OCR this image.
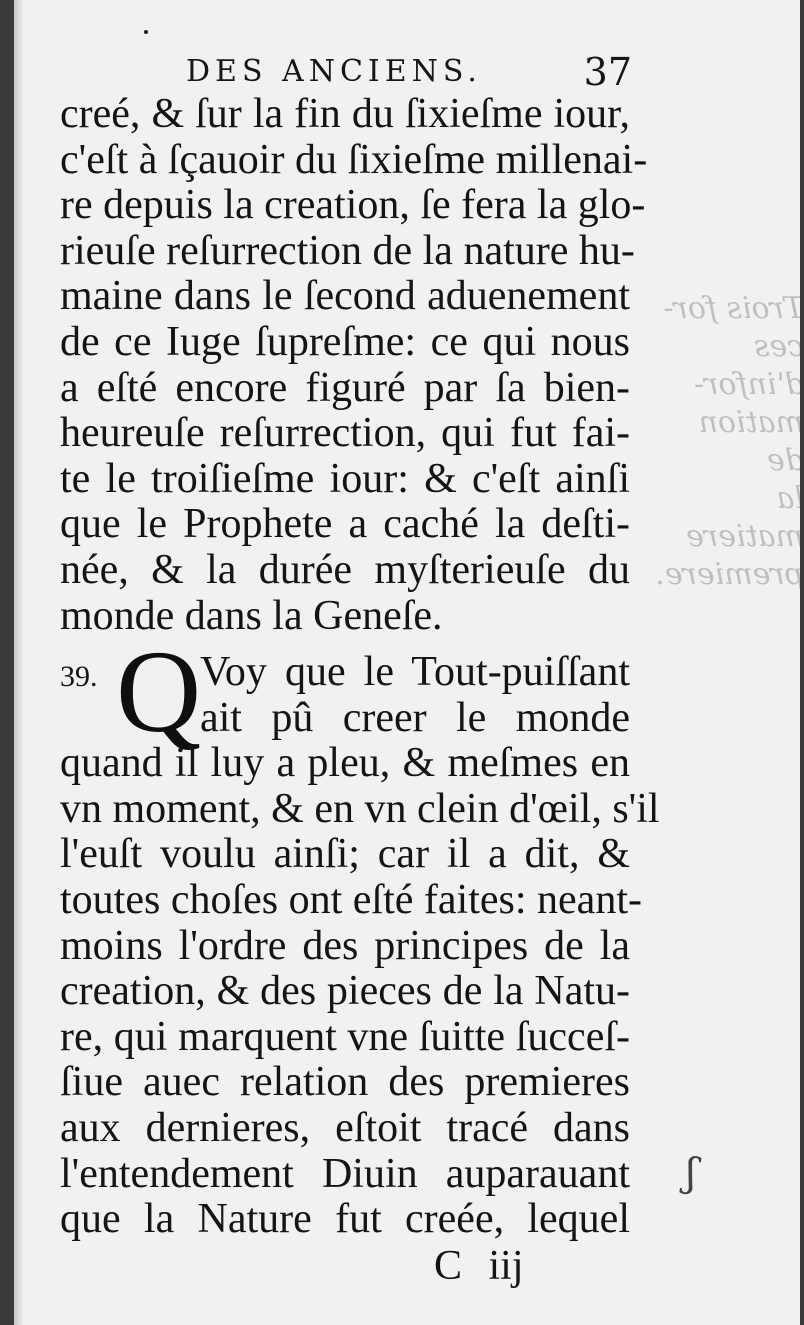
Trois for-
ces d'infor-
mation de
la matiere
premiere.
DES ANCIENS.	37
creé, & ſur la fin du ſixieſme iour,
c'eſt à ſçauoir du ſixieſme millenai-
re depuis la creation, ſe fera la glo-
rieuſe reſurrection de la nature hu-
maine dans le ſecond aduenement
de ce Iuge ſupreſme: ce qui nous
a eſté encore figuré par ſa bien-
heureuſe reſurrection, qui fut fai-
te le troiſieſme iour: & c'eſt ainſi
que le Prophete a caché la deſti-
née, & la durée myſterieuſe du
monde dans la Geneſe.
39. Q
Voy que le Tout-puiſſant
ait pû creer le monde
quand il luy a pleu, & meſmes en
vn moment, & en vn clein d'œil, s'il
l'euſt voulu ainſi; car il a dit, &
toutes choſes ont eſté faites: neant-
moins l'ordre des principes de la
creation, & des pieces de la Natu-
re, qui marquent vne ſuitte ſucceſ-
ſiue auec relation des premieres
aux dernieres, eſtoit tracé dans
l'entendement Diuin auparauant
que la Nature fut creée, lequel
ʃ
C iij
